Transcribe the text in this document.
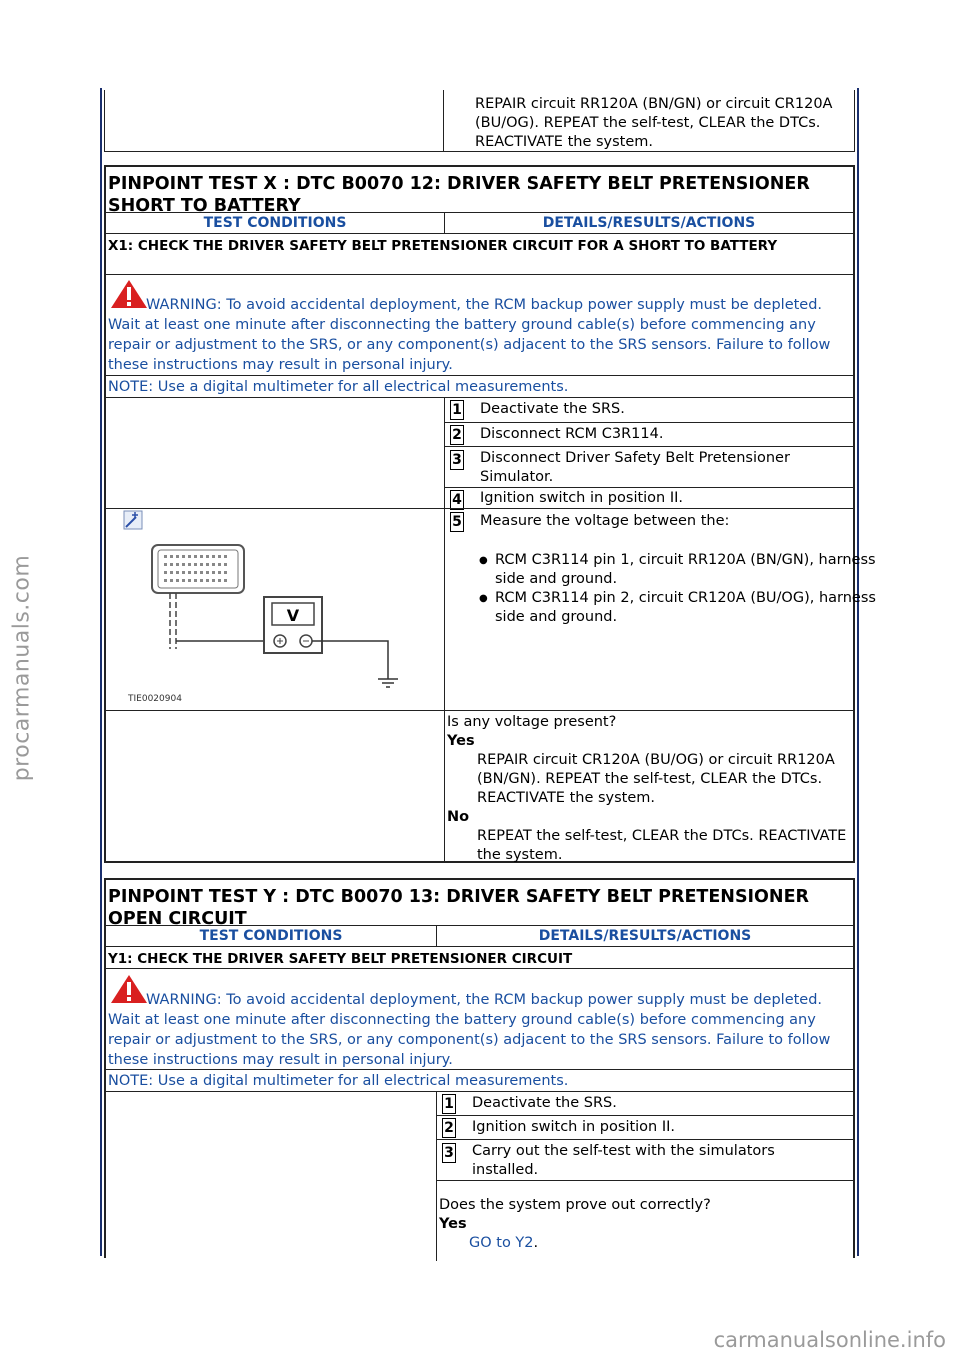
procarmanuals.com
carmanualsonline.info
REPAIR circuit RR120A (BN/GN) or circuit CR120A (BU/OG). REPEAT the self-test, CLEAR the DTCs. REACTIVATE the system.
PINPOINT TEST X : DTC B0070 12: DRIVER SAFETY BELT PRETENSIONER SHORT TO BATTERY
TEST CONDITIONS	DETAILS/RESULTS/ACTIONS
X1: CHECK THE DRIVER SAFETY BELT PRETENSIONER CIRCUIT FOR A SHORT TO BATTERY
WARNING: To avoid accidental deployment, the RCM backup power supply must be depleted. Wait at least one minute after disconnecting the battery ground cable(s) before commencing any repair or adjustment to the SRS, or any component(s) adjacent to the SRS sensors. Failure to follow these instructions may result in personal injury.
NOTE: Use a digital multimeter for all electrical measurements.
1 Deactivate the SRS.
2 Disconnect RCM C3R114.
3 Disconnect Driver Safety Belt Pretensioner Simulator.
4 Ignition switch in position II.
V
TIE0020904
5 Measure the voltage between the:
● RCM C3R114 pin 1, circuit RR120A (BN/GN), harness side and ground.
● RCM C3R114 pin 2, circuit CR120A (BU/OG), harness side and ground.
Is any voltage present?
Yes
REPAIR circuit CR120A (BU/OG) or circuit RR120A (BN/GN). REPEAT the self-test, CLEAR the DTCs. REACTIVATE the system.
No
REPEAT the self-test, CLEAR the DTCs. REACTIVATE the system.
PINPOINT TEST Y : DTC B0070 13: DRIVER SAFETY BELT PRETENSIONER OPEN CIRCUIT
TEST CONDITIONS	DETAILS/RESULTS/ACTIONS
Y1: CHECK THE DRIVER SAFETY BELT PRETENSIONER CIRCUIT
WARNING: To avoid accidental deployment, the RCM backup power supply must be depleted. Wait at least one minute after disconnecting the battery ground cable(s) before commencing any repair or adjustment to the SRS, or any component(s) adjacent to the SRS sensors. Failure to follow these instructions may result in personal injury.
NOTE: Use a digital multimeter for all electrical measurements.
1 Deactivate the SRS.
2 Ignition switch in position II.
3 Carry out the self-test with the simulators installed.
Does the system prove out correctly?
Yes
GO to Y2.
